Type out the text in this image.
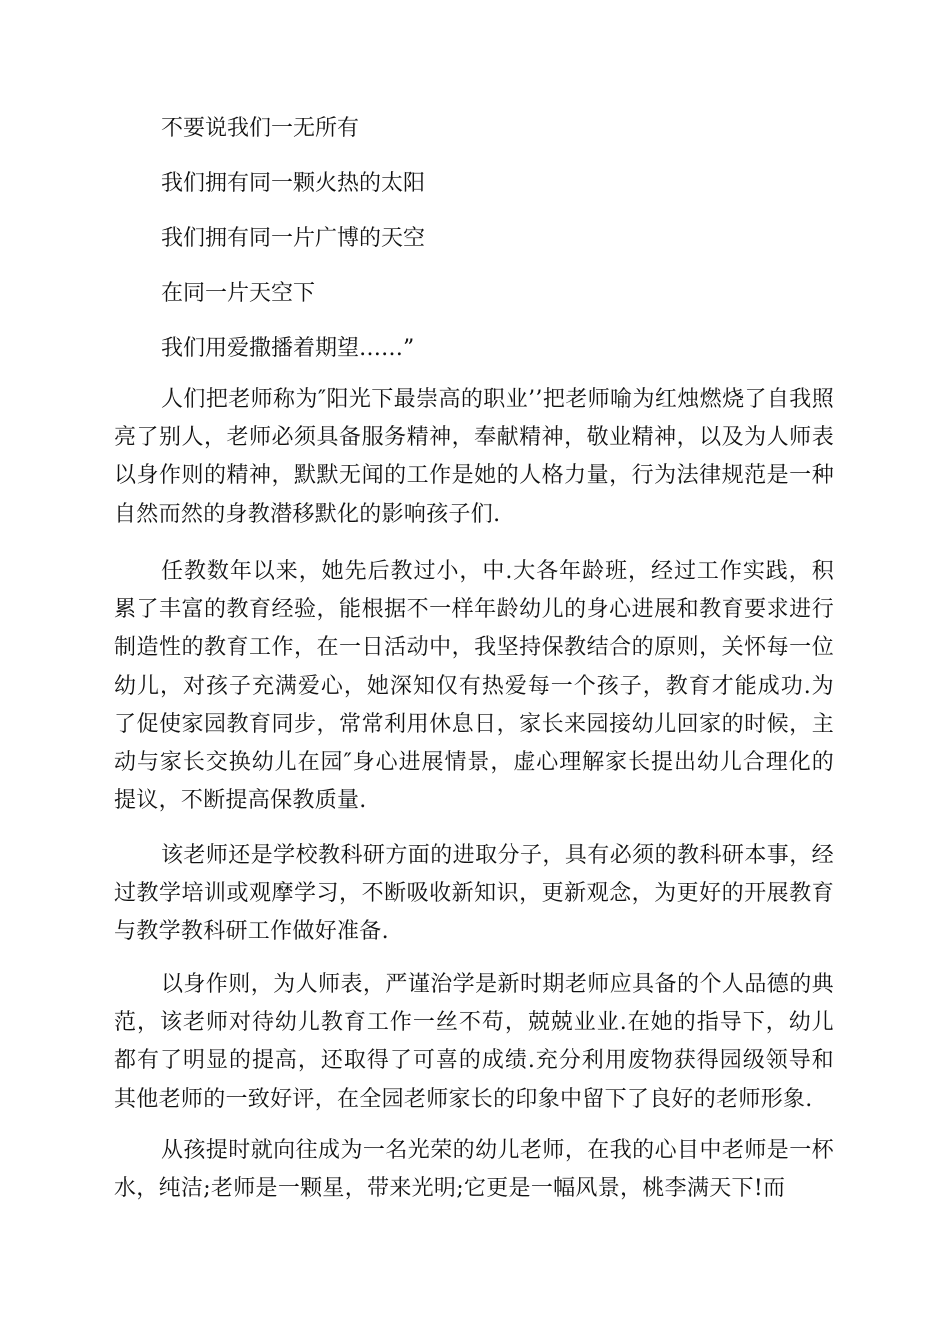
不要说我们一无所有
我们拥有同一颗火热的太阳
我们拥有同一片广博的天空
在同一片天空下
我们用爱撒播着期望……”

人们把老师称为″阳光下最崇高的职业’’把老师喻为红烛燃烧了自我照亮了别人，老师必须具备服务精神，奉献精神，敬业精神，以及为人师表以身作则的精神，默默无闻的工作是她的人格力量，行为法律规范是一种自然而然的身教潜移默化的影响孩子们.

任教数年以来，她先后教过小，中.大各年龄班，经过工作实践，积累了丰富的教育经验，能根据不一样年龄幼儿的身心进展和教育要求进行制造性的教育工作，在一日活动中，我坚持保教结合的原则，关怀每一位幼儿，对孩子充满爱心，她深知仅有热爱每一个孩子，教育才能成功.为了促使家园教育同步，常常利用休息日，家长来园接幼儿回家的时候，主动与家长交换幼儿在园″身心进展情景，虚心理解家长提出幼儿合理化的提议，不断提高保教质量.

该老师还是学校教科研方面的进取分子，具有必须的教科研本事，经过教学培训或观摩学习，不断吸收新知识，更新观念，为更好的开展教育与教学教科研工作做好准备.

以身作则，为人师表，严谨治学是新时期老师应具备的个人品德的典范，该老师对待幼儿教育工作一丝不苟，兢兢业业.在她的指导下，幼儿都有了明显的提高，还取得了可喜的成绩.充分利用废物获得园级领导和其他老师的一致好评，在全园老师家长的印象中留下了良好的老师形象.

从孩提时就向往成为一名光荣的幼儿老师，在我的心目中老师是一杯水，纯洁;老师是一颗星，带来光明;它更是一幅风景，桃李满天下!而
